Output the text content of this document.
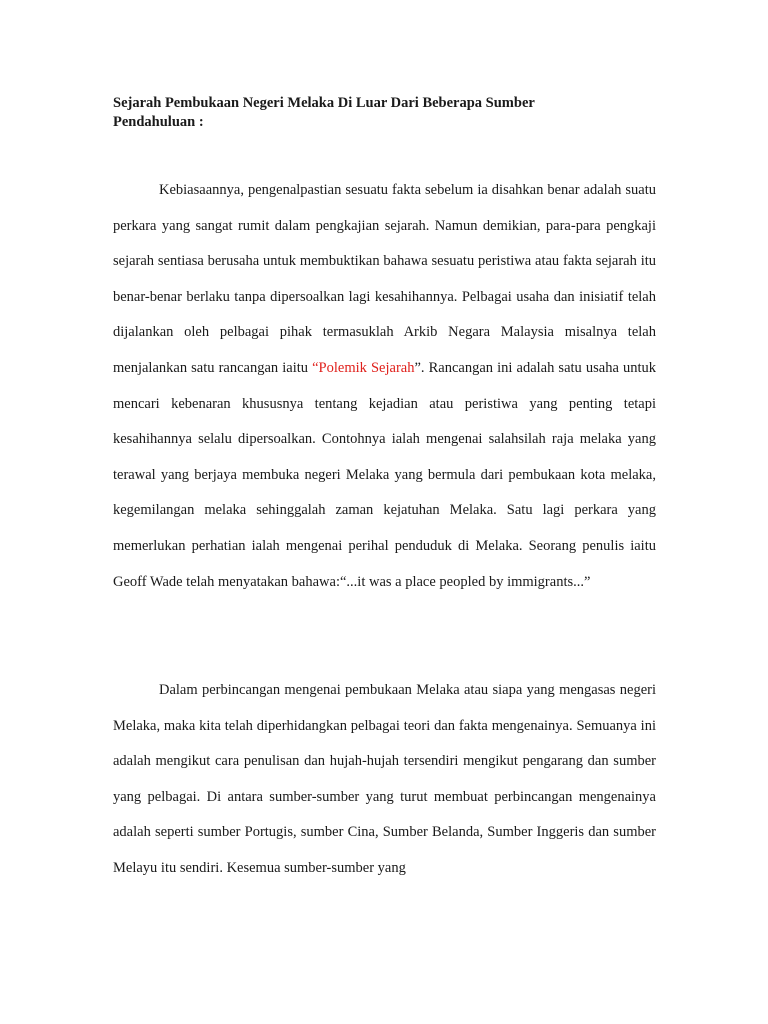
Sejarah Pembukaan Negeri Melaka Di Luar Dari Beberapa Sumber
Pendahuluan :

Kebiasaannya, pengenalpastian sesuatu fakta sebelum ia disahkan benar adalah suatu perkara yang sangat rumit dalam pengkajian sejarah. Namun demikian, para-para pengkaji sejarah sentiasa berusaha untuk membuktikan bahawa sesuatu peristiwa atau fakta sejarah itu benar-benar berlaku tanpa dipersoalkan lagi kesahihannya. Pelbagai usaha dan inisiatif telah dijalankan oleh pelbagai pihak termasuklah Arkib Negara Malaysia misalnya telah menjalankan satu rancangan iaitu “Polemik Sejarah”. Rancangan ini adalah satu usaha untuk mencari kebenaran khususnya tentang kejadian atau peristiwa yang penting tetapi kesahihannya selalu dipersoalkan. Contohnya ialah mengenai salahsilah raja melaka yang terawal yang berjaya membuka negeri Melaka yang bermula dari pembukaan kota melaka, kegemilangan melaka sehinggalah zaman kejatuhan Melaka. Satu lagi perkara yang memerlukan perhatian ialah mengenai perihal penduduk di Melaka. Seorang penulis iaitu Geoff Wade telah menyatakan bahawa:“...it was a place peopled by immigrants...”

Dalam perbincangan mengenai pembukaan Melaka atau siapa yang mengasas negeri Melaka, maka kita telah diperhidangkan pelbagai teori dan fakta mengenainya. Semuanya ini adalah mengikut cara penulisan dan hujah-hujah tersendiri mengikut pengarang dan sumber yang pelbagai. Di antara sumber-sumber yang turut membuat perbincangan mengenainya adalah seperti sumber Portugis, sumber Cina, Sumber Belanda, Sumber Inggeris dan sumber Melayu itu sendiri. Kesemua sumber-sumber yang
